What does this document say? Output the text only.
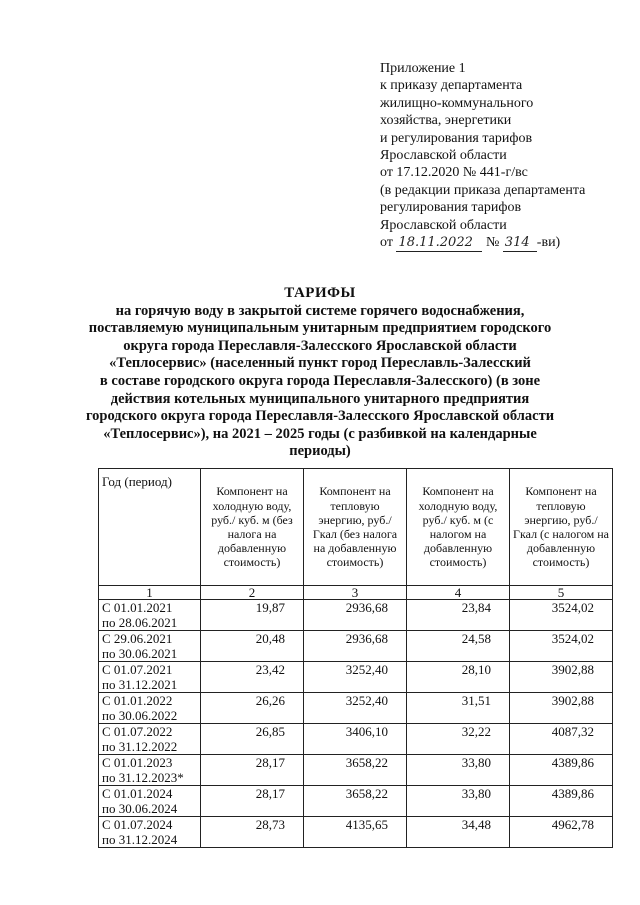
Приложение 1
к приказу департамента
жилищно-коммунального
хозяйства, энергетики
и регулирования тарифов
Ярославской области
от 17.12.2020 № 441-г/вс
(в редакции приказа департамента
регулирования тарифов
Ярославской области
от 18.11.2022 № 314 -ви)
ТАРИФЫ
на горячую воду в закрытой системе горячего водоснабжения,
поставляемую муниципальным унитарным предприятием городского
округа города Переславля-Залесского Ярославской области
«Теплосервис» (населенный пункт город Переславль-Залесский
в составе городского округа города Переславля-Залесского) (в зоне
действия котельных муниципального унитарного предприятия
городского округа города Переславля-Залесского Ярославской области
«Теплосервис»), на 2021 – 2025 годы (с разбивкой на календарные
периоды)
Год (период)	Компонент на холодную воду, руб./ куб. м (без налога на добавленную стоимость)	Компонент на тепловую энергию, руб./Гкал (без налога на добавленную стоимость)	Компонент на холодную воду, руб./ куб. м (с налогом на добавленную стоимость)	Компонент на тепловую энергию, руб./Гкал (с налогом на добавленную стоимость)
1	2	3	4	5

С 01.01.2021
по 28.06.2021	19,87	2936,68	23,84	3524,02

С 29.06.2021
по 30.06.2021	20,48	2936,68	24,58	3524,02

С 01.07.2021
по 31.12.2021	23,42	3252,40	28,10	3902,88

С 01.01.2022
по 30.06.2022	26,26	3252,40	31,51	3902,88

С 01.07.2022
по 31.12.2022	26,85	3406,10	32,22	4087,32

С 01.01.2023
по 31.12.2023*	28,17	3658,22	33,80	4389,86

С 01.01.2024
по 30.06.2024	28,17	3658,22	33,80	4389,86

С 01.07.2024
по 31.12.2024	28,73	4135,65	34,48	4962,78
